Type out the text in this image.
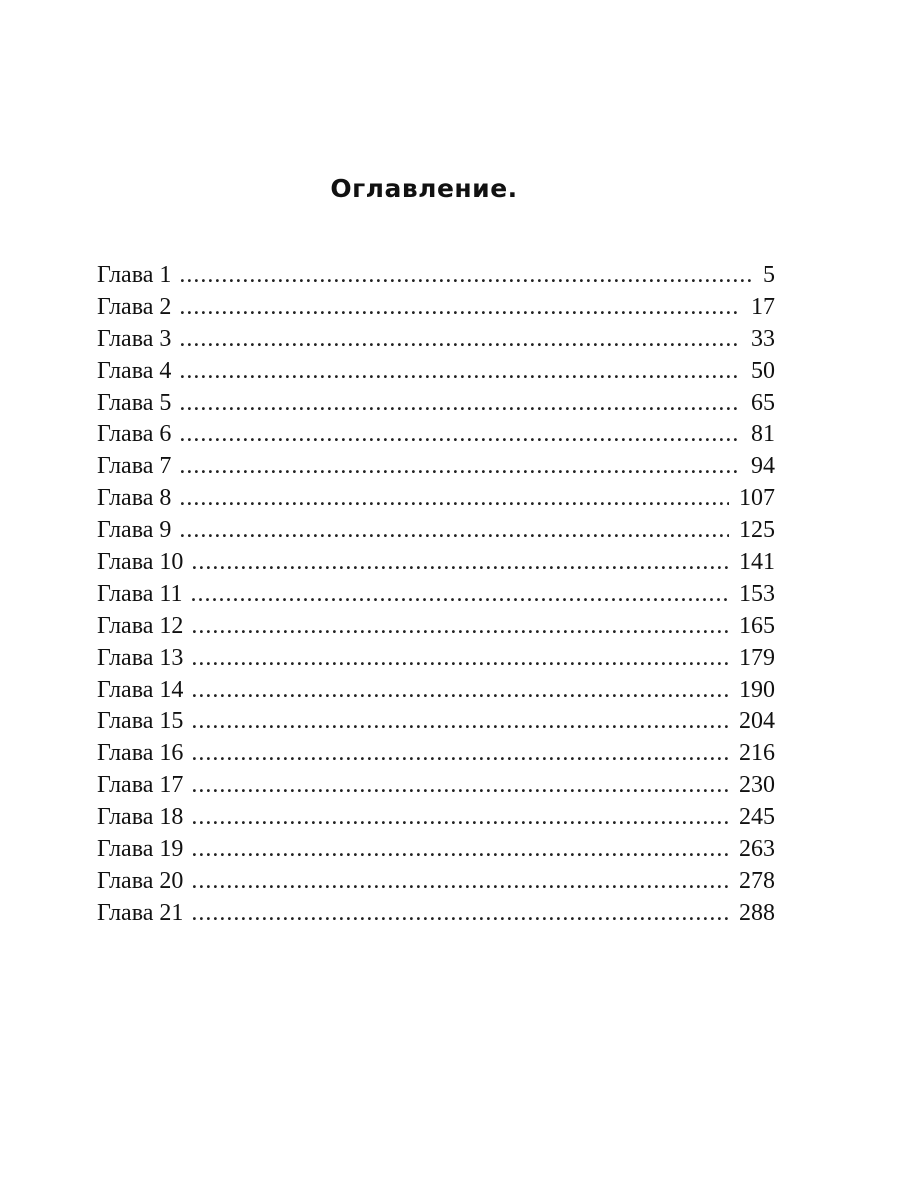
Оглавление.
Глава 1 .....	5
Глава 2 .....	17
Глава 3 .....	33
Глава 4 .....	50
Глава 5 .....	65
Глава 6 .....	81
Глава 7 .....	94
Глава 8 .....	107
Глава 9 .....	125
Глава 10 .....	141
Глава 11 .....	153
Глава 12 .....	165
Глава 13 .....	179
Глава 14 .....	190
Глава 15 .....	204
Глава 16 .....	216
Глава 17 .....	230
Глава 18 .....	245
Глава 19 .....	263
Глава 20 .....	278
Глава 21 .....	288
